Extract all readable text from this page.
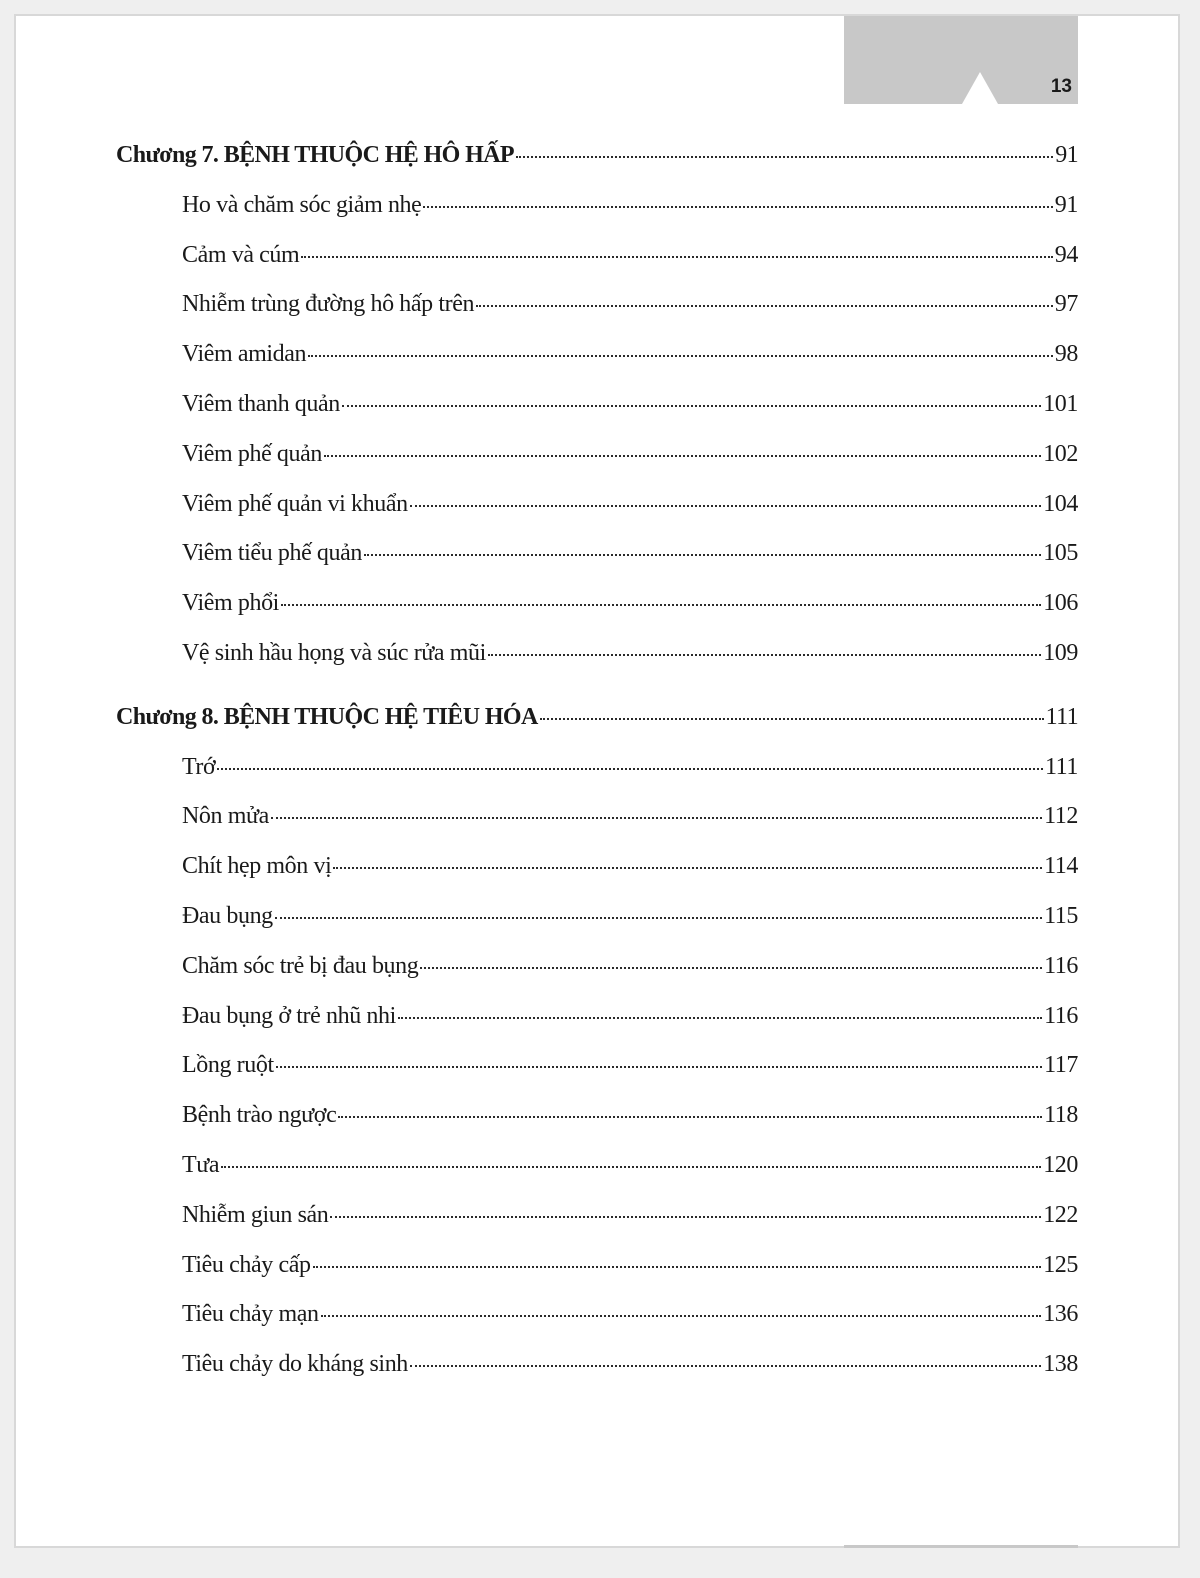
13
Chương 7. BỆNH THUỘC HỆ HÔ HẤP	91
Ho và chăm sóc giảm nhẹ	91
Cảm và cúm	94
Nhiễm trùng đường hô hấp trên	97
Viêm amidan	98
Viêm thanh quản	101
Viêm phế quản	102
Viêm phế quản vi khuẩn	104
Viêm tiểu phế quản	105
Viêm phổi	106
Vệ sinh hầu họng và súc rửa mũi	109
Chương 8. BỆNH THUỘC HỆ TIÊU HÓA	111
Trớ	111
Nôn mửa	112
Chít hẹp môn vị	114
Đau bụng	115
Chăm sóc trẻ bị đau bụng	116
Đau bụng ở trẻ nhũ nhi	116
Lồng ruột	117
Bệnh trào ngược	118
Tưa	120
Nhiễm giun sán	122
Tiêu chảy cấp	125
Tiêu chảy mạn	136
Tiêu chảy do kháng sinh	138
